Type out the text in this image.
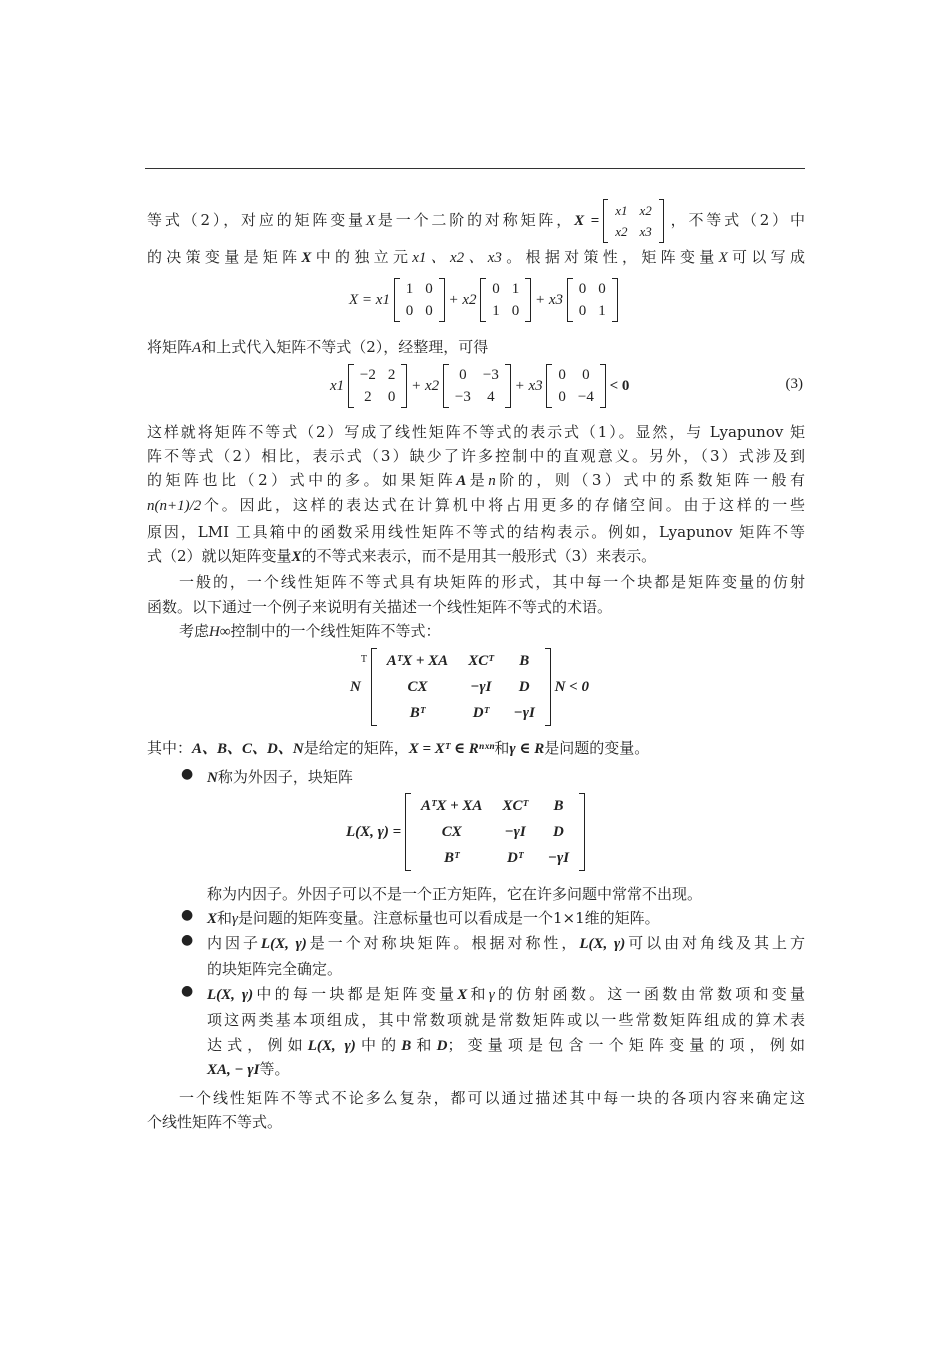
等式（2），对应的矩阵变量X是一个二阶的对称矩阵，X =
x1	x2
x2	x3
，不等式（2）中
的决策变量是矩阵X中的独立元x1、x2、x3。根据对策性，矩阵变量X可以写成
X = x1
1	0
0	0
+ x2
0	1
1	0
+ x3
0	0
0	1
将矩阵A和上式代入矩阵不等式（2），经整理，可得
x1
−2	2
2	0
+ x2
0	−3
−3	4
+ x3
0	0
0	−4
< 0	(3)
这样就将矩阵不等式（2）写成了线性矩阵不等式的表示式（1）。显然，与 Lyapunov 矩
阵不等式（2）相比，表示式（3）缺少了许多控制中的直观意义。另外，（3）式涉及到
的矩阵也比（2）式中的多。如果矩阵A是n阶的，则（3）式中的系数矩阵一般有
n(n+1)/2个。因此，这样的表达式在计算机中将占用更多的存储空间。由于这样的一些
原因，LMI 工具箱中的函数采用线性矩阵不等式的结构表示。例如，Lyapunov 矩阵不等
式（2）就以矩阵变量X的不等式来表示，而不是用其一般形式（3）来表示。
一般的，一个线性矩阵不等式具有块矩阵的形式，其中每一个块都是矩阵变量的仿射
函数。以下通过一个例子来说明有关描述一个线性矩阵不等式的术语。
考虑H∞控制中的一个线性矩阵不等式：
$N^T$ AᵀX + XA	XCᵀ	B
CX	−γI	D
Bᵀ	Dᵀ	−γI
N < 0
其中：A、B、C、D、N是给定的矩阵，X = Xᵀ ∈ Rⁿˣⁿ和γ ∈ R是问题的变量。
● N称为外因子，块矩阵
L(X, γ) =
AᵀX + XA	XCᵀ	B
CX	−γI	D
Bᵀ	Dᵀ	−γI
称为内因子。外因子可以不是一个正方矩阵，它在许多问题中常常不出现。
● X和γ是问题的矩阵变量。注意标量也可以看成是一个1×1维的矩阵。
● 内因子L(X, γ)是一个对称块矩阵。根据对称性，L(X, γ)可以由对角线及其上方
的块矩阵完全确定。
● L(X, γ)中的每一块都是矩阵变量X和γ的仿射函数。这一函数由常数项和变量
项这两类基本项组成，其中常数项就是常数矩阵或以一些常数矩阵组成的算术表
达式，例如L(X, γ)中的B和D；变量项是包含一个矩阵变量的项，例如
XA, − γI等。
一个线性矩阵不等式不论多么复杂，都可以通过描述其中每一块的各项内容来确定这
个线性矩阵不等式。
